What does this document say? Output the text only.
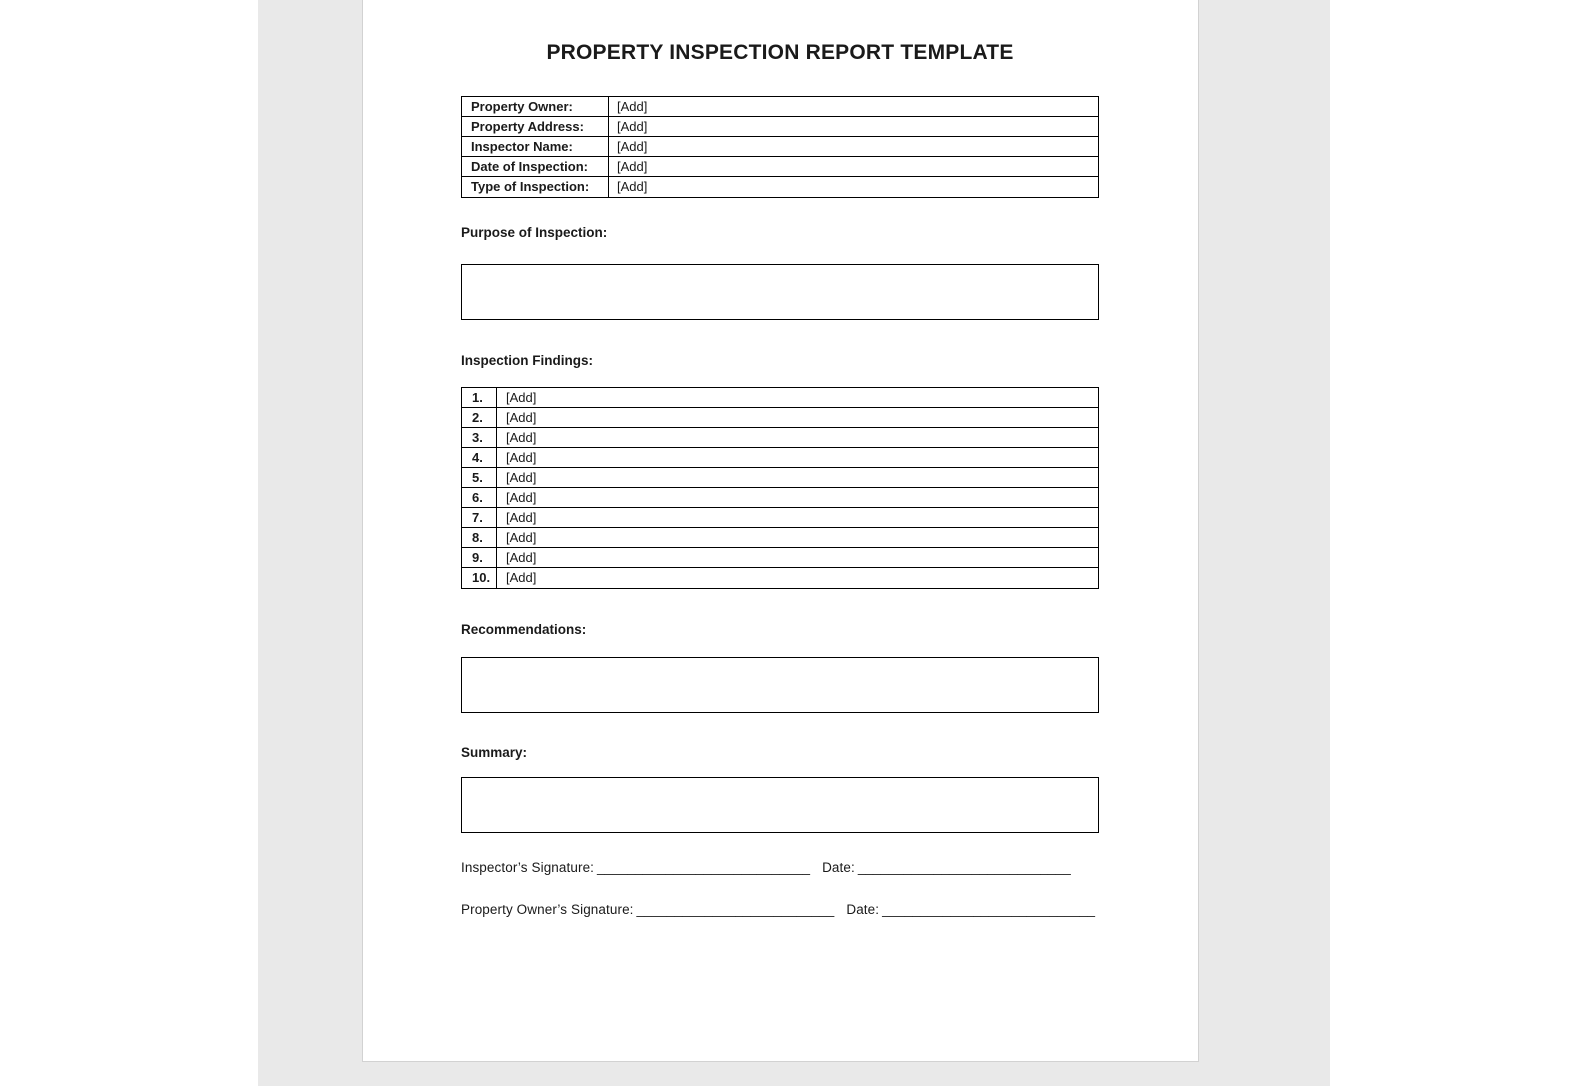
PROPERTY INSPECTION REPORT TEMPLATE
Property Owner:	[Add]
Property Address:	[Add]
Inspector Name:	[Add]
Date of Inspection:	[Add]
Type of Inspection:	[Add]
Purpose of Inspection:
Inspection Findings:
1.	[Add]
2.	[Add]
3.	[Add]
4.	[Add]
5.	[Add]
6.	[Add]
7.	[Add]
8.	[Add]
9.	[Add]
10.	[Add]
Recommendations:
Summary:
Inspector’s Signature: ____________________________ Date: ____________________________
Property Owner’s Signature: __________________________ Date: ____________________________
